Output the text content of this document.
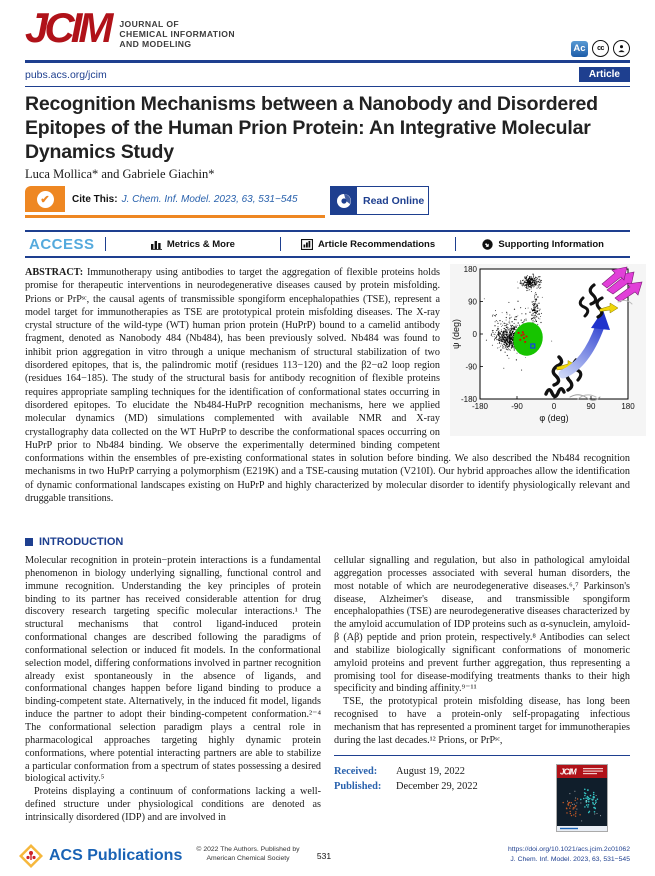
JCIM JOURNAL OF
CHEMICAL INFORMATION
AND MODELING	Ac	cc
pubs.acs.org/jcim	Article
Recognition Mechanisms between a Nanobody and Disordered Epitopes of the Human Prion Protein: An Integrative Molecular Dynamics Study
Luca Mollica* and Gabriele Giachin*
✔	Cite This: J. Chem. Inf. Model. 2023, 63, 531−545	Read Online
ACCESS	Metrics & More	Article Recommendations	Supporting Information
-180	-90	0	90	180
180
90
0
-90
-180
φ (deg)
ψ (deg)
ABSTRACT: Immunotherapy using antibodies to target the aggregation of flexible proteins holds promise for therapeutic interventions in neurodegenerative diseases caused by protein misfolding. Prions or PrPˢᶜ, the causal agents of transmissible spongiform encephalopathies (TSE), represent a model target for immunotherapies as TSE are prototypical protein misfolding diseases. The X-ray crystal structure of the wild-type (WT) human prion protein (HuPrP) bound to a camelid antibody fragment, denoted as Nanobody 484 (Nb484), has been previously solved. Nb484 was found to inhibit prion aggregation in vitro through a unique mechanism of structural stabilization of two disordered epitopes, that is, the palindromic motif (residues 113−120) and the β2−α2 loop region (residues 164−185). The study of the structural basis for antibody recognition of flexible proteins requires appropriate sampling techniques for the identification of conformational states occurring in disordered epitopes. To elucidate the Nb484-HuPrP recognition mechanisms, here we applied molecular dynamics (MD) simulations complemented with available NMR and X-ray crystallography data collected on the WT HuPrP to describe the conformational spaces occurring on HuPrP prior to Nb484 binding. We observe the experimentally determined binding competent conformations within the ensembles of pre-existing conformational states in solution before binding. We also described the Nb484 recognition mechanisms in two HuPrP carrying a polymorphism (E219K) and a TSE-causing mutation (V210I). Our hybrid approaches allow the identification of dynamic conformational landscapes existing on HuPrP and highly characterized by molecular disorder to identify physiologically relevant and druggable transitions.
INTRODUCTION

Molecular recognition in protein−protein interactions is a fundamental phenomenon in biology underlying signalling, functional control and immune recognition. Understanding the key principles of protein binding to its partner has received considerable attention for drug discovery research targeting specific molecular interactions.¹ The structural mechanisms that control ligand-induced protein conformational changes are described following the paradigms of conformational selection or induced fit models. In the conformational selection model, differing conformations involved in partner recognition already exist spontaneously in the absence of ligands, and conformational changes happen before ligand binding to produce a binding-competent state. Alternatively, in the induced fit model, ligands induce the partner to adopt their binding-competent conformation.²⁻⁴ The conformational selection paradigm plays a central role in pharmacological approaches targeting highly dynamic protein conformations, where potential interacting partners are able to stabilize a particular conformation from a spectrum of states possessing a desired biological activity.⁵

Proteins displaying a continuum of conformations lacking a well-defined structure under physiological conditions are denoted as intrinsically disordered (IDP) and are involved in

cellular signalling and regulation, but also in pathological amyloidal aggregation processes associated with several human disorders, the most notable of which are neurodegenerative diseases.⁶,⁷ Parkinson's disease, Alzheimer's disease, and transmissible spongiform encephalopathies (TSE) are neurodegenerative diseases characterized by the amyloid accumulation of IDP proteins such as α-synuclein, amyloid-β (Aβ) peptide and prion protein, respectively.⁸ Antibodies can select and stabilize biologically significant conformations of monomeric amyloid proteins and prevent further aggregation, thus representing a promising tool for disease-modifying treatments thanks to their high specificity and binding affinity.⁹⁻¹¹

TSE, the prototypical protein misfolding disease, has long been recognised to have a protein-only self-propagating infectious mechanism that has represented a prominent target for immunotherapies during the last decades.¹² Prions, or PrPˢᶜ,

Received:	August 19, 2022
Published:	December 29, 2022
JCIM
ACS Publications	© 2022 The Authors. Published by
American Chemical Society	531
https://doi.org/10.1021/acs.jcim.2c01062
J. Chem. Inf. Model. 2023, 63, 531−545
